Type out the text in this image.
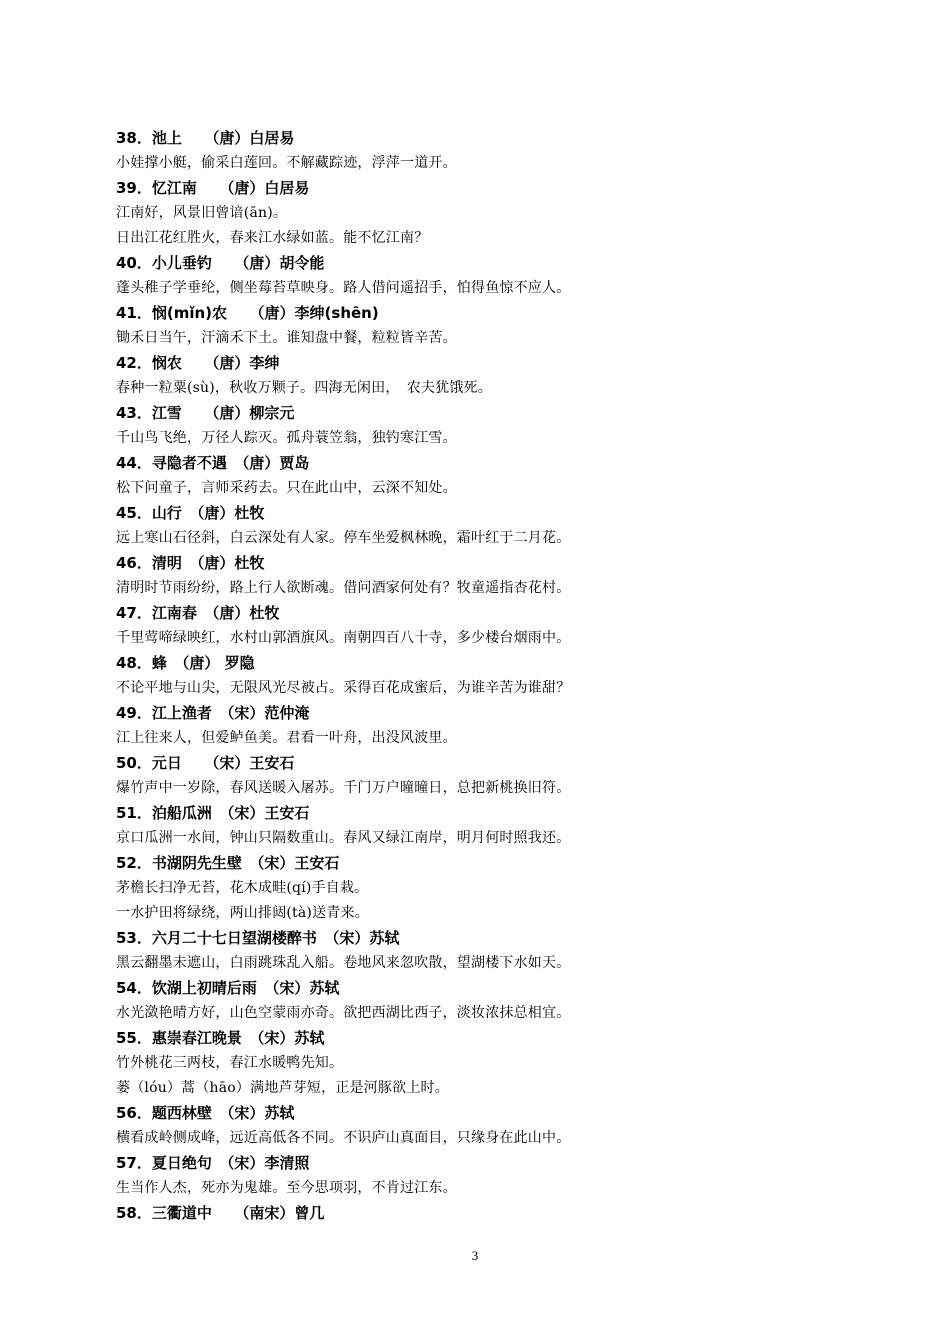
38．池上　　（唐）白居易
小娃撑小艇，偷采白莲回。不解藏踪迹，浮萍一道开。
39．忆江南　　（唐）白居易
江南好，风景旧曾谙(ān)。
日出江花红胜火，春来江水绿如蓝。能不忆江南？
40．小儿垂钓　　（唐）胡令能
蓬头稚子学垂纶，侧坐莓苔草映身。路人借问遥招手，怕得鱼惊不应人。
41．悯(mǐn)农　　（唐）李绅(shēn)
锄禾日当午，汗滴禾下土。谁知盘中餐，粒粒皆辛苦。
42．悯农　　（唐）李绅
春种一粒粟(sù)，秋收万颗子。四海无闲田，　农夫犹饿死。
43．江雪　　（唐）柳宗元
千山鸟飞绝，万径人踪灭。孤舟蓑笠翁，独钓寒江雪。
44．寻隐者不遇　（唐）贾岛
松下问童子，言师采药去。只在此山中，云深不知处。
45．山行　（唐）杜牧
远上寒山石径斜，白云深处有人家。停车坐爱枫林晚，霜叶红于二月花。
46．清明　（唐）杜牧
清明时节雨纷纷，路上行人欲断魂。借问酒家何处有？牧童遥指杏花村。
47．江南春　（唐）杜牧
千里莺啼绿映红，水村山郭酒旗风。南朝四百八十寺，多少楼台烟雨中。
48．蜂　（唐） 罗隐
不论平地与山尖，无限风光尽被占。采得百花成蜜后，为谁辛苦为谁甜？
49．江上渔者　（宋）范仲淹
江上往来人，但爱鲈鱼美。君看一叶舟，出没风波里。
50．元日　　（宋）王安石
爆竹声中一岁除，春风送暖入屠苏。千门万户曈曈日，总把新桃换旧符。
51．泊船瓜洲　（宋）王安石
京口瓜洲一水间，钟山只隔数重山。春风又绿江南岸，明月何时照我还。
52．书湖阴先生壁　（宋）王安石
茅檐长扫净无苔，花木成畦(qí)手自栽。
一水护田将绿绕，两山排闼(tà)送青来。
53．六月二十七日望湖楼醉书　（宋）苏轼
黑云翻墨未遮山，白雨跳珠乱入船。卷地风来忽吹散，望湖楼下水如天。
54．饮湖上初晴后雨　（宋）苏轼
水光潋艳晴方好，山色空蒙雨亦奇。欲把西湖比西子，淡妆浓抹总相宜。
55．惠崇春江晚景　（宋）苏轼
竹外桃花三两枝，春江水暖鸭先知。
蒌（lóu）蒿（hāo）满地芦芽短，正是河豚欲上时。
56．题西林壁　（宋）苏轼
横看成岭侧成峰，远近高低各不同。不识庐山真面目，只缘身在此山中。
57．夏日绝句　（宋）李清照
生当作人杰，死亦为鬼雄。至今思项羽，不肯过江东。
58．三衢道中　　（南宋）曾几
3
